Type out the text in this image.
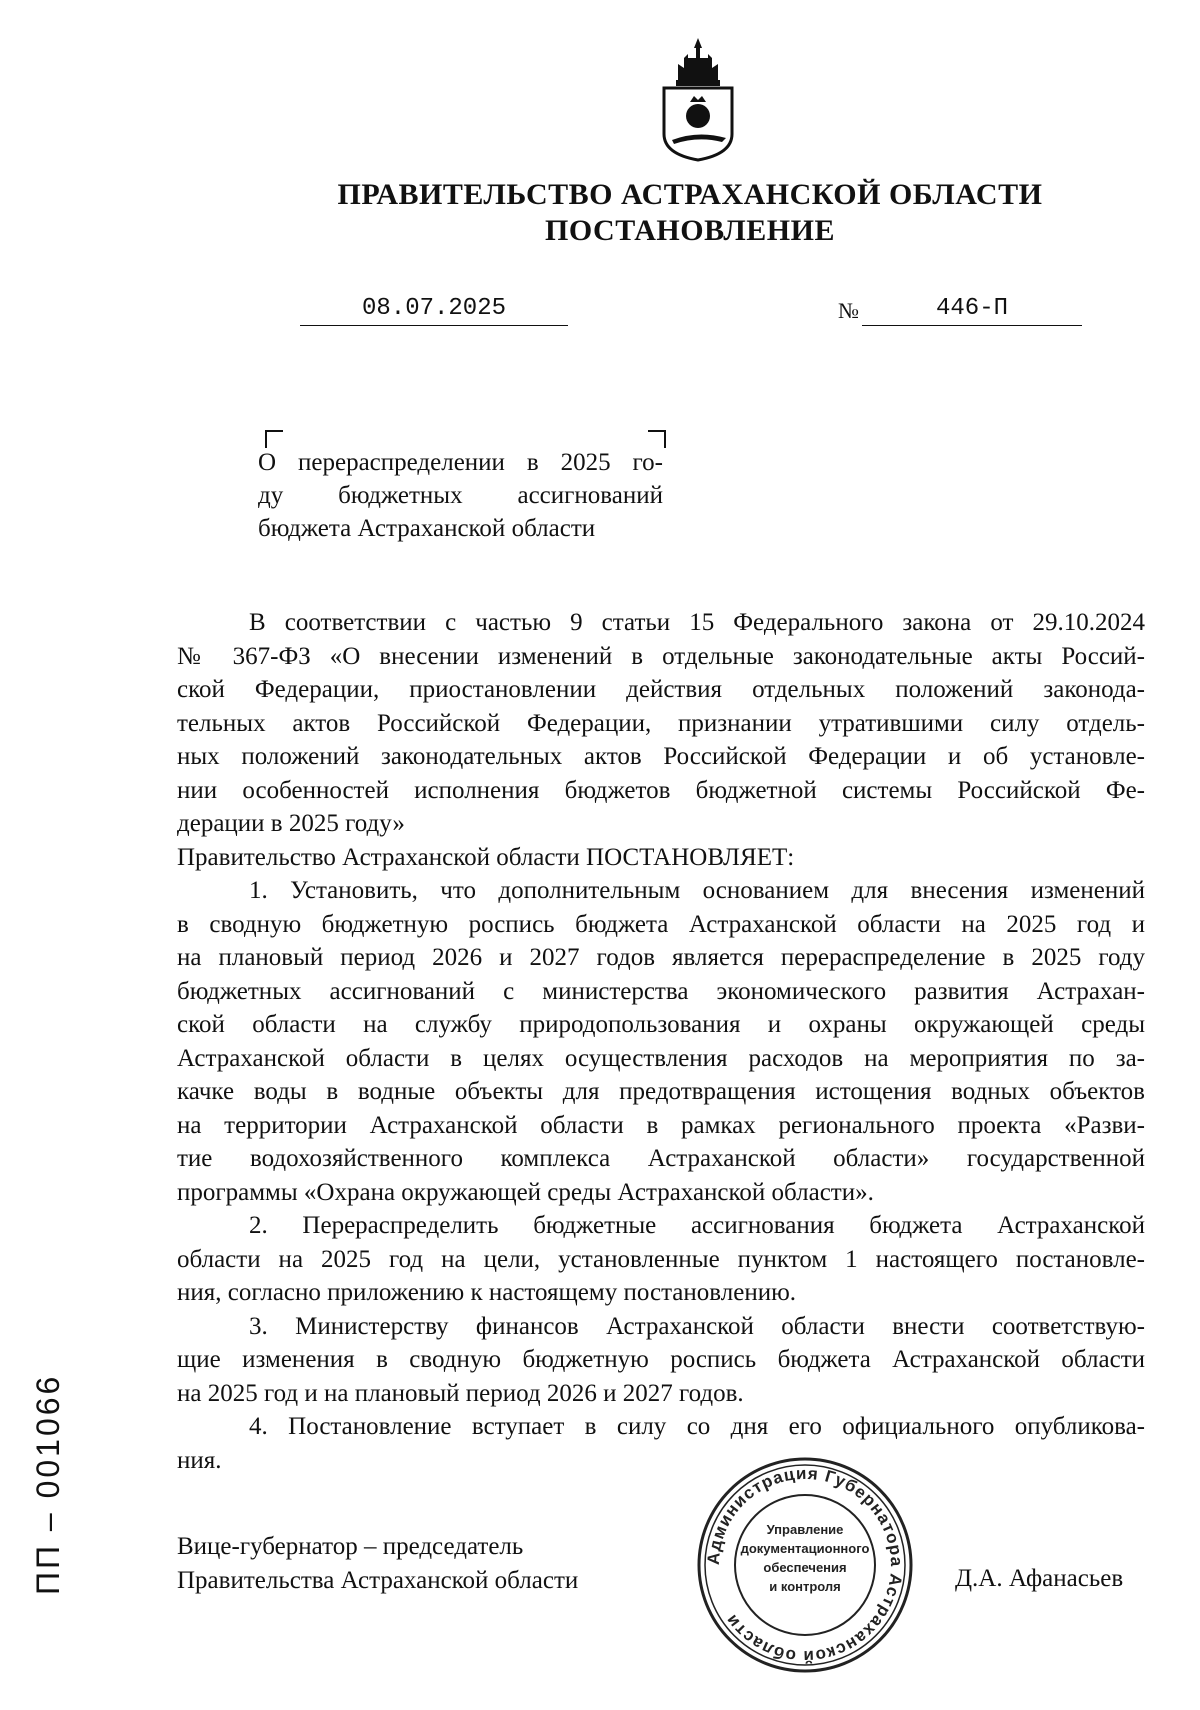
ПРАВИТЕЛЬСТВО АСТРАХАНСКОЙ ОБЛАСТИ
ПОСТАНОВЛЕНИЕ
08.07.2025	№	446-П
О перераспределении в 2025 го-
ду бюджетных ассигнований
бюджета Астраханской области
В соответствии с частью 9 статьи 15 Федерального закона от 29.10.2024
№ 367-ФЗ «О внесении изменений в отдельные законодательные акты Россий-
ской Федерации, приостановлении действия отдельных положений законода-
тельных актов Российской Федерации, признании утратившими силу отдель-
ных положений законодательных актов Российской Федерации и об установле-
нии особенностей исполнения бюджетов бюджетной системы Российской Фе-
дерации в 2025 году»
Правительство Астраханской области ПОСТАНОВЛЯЕТ:
1. Установить, что дополнительным основанием для внесения изменений
в сводную бюджетную роспись бюджета Астраханской области на 2025 год и
на плановый период 2026 и 2027 годов является перераспределение в 2025 году
бюджетных ассигнований с министерства экономического развития Астрахан-
ской области на службу природопользования и охраны окружающей среды
Астраханской области в целях осуществления расходов на мероприятия по за-
качке воды в водные объекты для предотвращения истощения водных объектов
на территории Астраханской области в рамках регионального проекта «Разви-
тие водохозяйственного комплекса Астраханской области» государственной
программы «Охрана окружающей среды Астраханской области».
2. Перераспределить бюджетные ассигнования бюджета Астраханской
области на 2025 год на цели, установленные пунктом 1 настоящего постановле-
ния, согласно приложению к настоящему постановлению.
3. Министерству финансов Астраханской области внести соответствую-
щие изменения в сводную бюджетную роспись бюджета Астраханской области
на 2025 год и на плановый период 2026 и 2027 годов.
4. Постановление вступает в силу со дня его официального опубликова-
ния.
Вице-губернатор – председатель
Правительства Астраханской области
Администрация Губернатора Астраханской области
Управление
документационного
обеспечения
и контроля	Д.А. Афанасьев
ПП – 001066
